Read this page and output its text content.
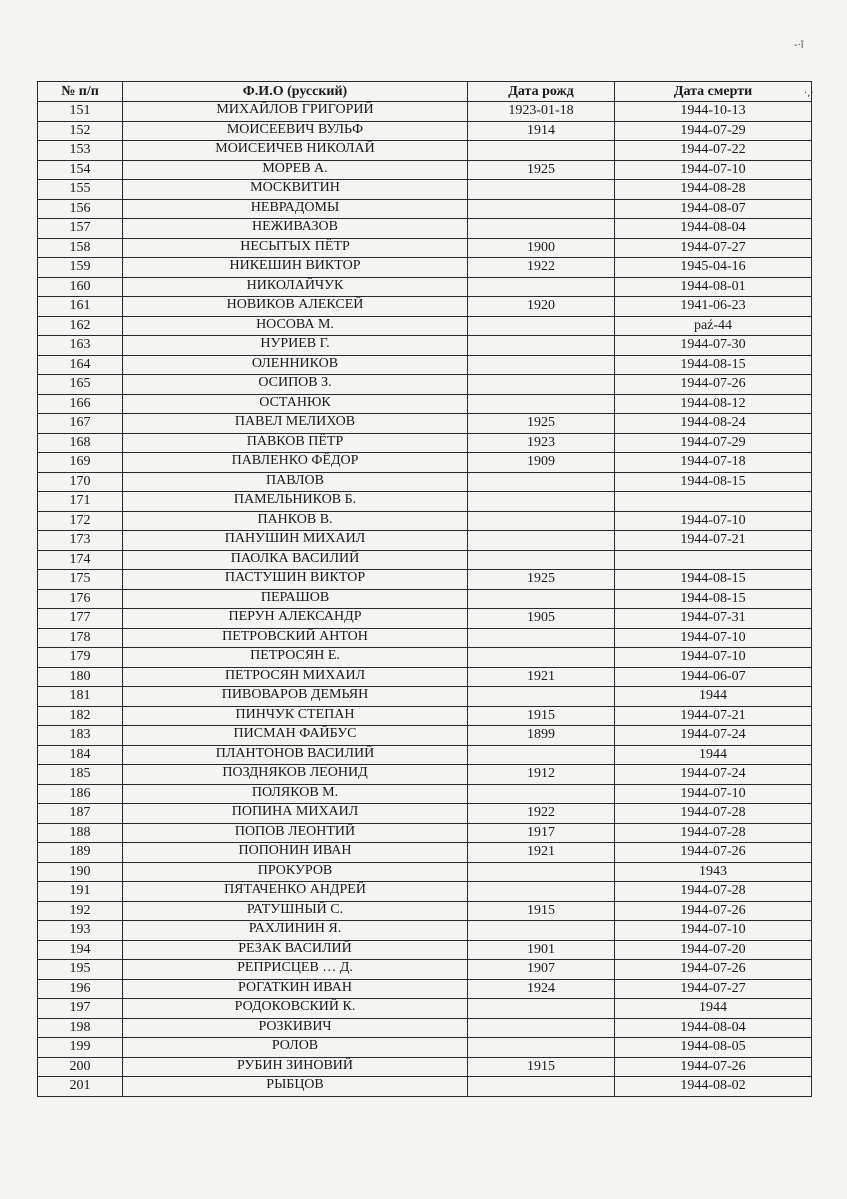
-·ǐ
·,·
№ п/п	Ф.И.О (русский)	Дата рожд	Дата смерти
151	МИХАЙЛОВ ГРИГОРИЙ	1923-01-18	1944-10-13
152	МОИСЕЕВИЧ ВУЛЬФ	1914	1944-07-29
153	МОИСЕИЧЕВ НИКОЛАЙ		1944-07-22
154	МОРЕВ А.	1925	1944-07-10
155	МОСКВИТИН		1944-08-28
156	НЕВРАДОМЫ		1944-08-07
157	НЕЖИВАЗОВ		1944-08-04
158	НЕСЫТЫХ ПЁТР	1900	1944-07-27
159	НИКЕШИН ВИКТОР	1922	1945-04-16
160	НИКОЛАЙЧУК		1944-08-01
161	НОВИКОВ АЛЕКСЕЙ	1920	1941-06-23
162	НОСОВА М.		paź-44
163	НУРИЕВ Г.		1944-07-30
164	ОЛЕННИКОВ		1944-08-15
165	ОСИПОВ З.		1944-07-26
166	ОСТАНЮК		1944-08-12
167	ПАВЕЛ МЕЛИХОВ	1925	1944-08-24
168	ПАВКОВ ПЁТР	1923	1944-07-29
169	ПАВЛЕНКО ФЁДОР	1909	1944-07-18
170	ПАВЛОВ		1944-08-15
171	ПАМЕЛЬНИКОВ Б.		
172	ПАНКОВ В.		1944-07-10
173	ПАНУШИН МИХАИЛ		1944-07-21
174	ПАОЛКА ВАСИЛИЙ		
175	ПАСТУШИН ВИКТОР	1925	1944-08-15
176	ПЕРАШОВ		1944-08-15
177	ПЕРУН АЛЕКСАНДР	1905	1944-07-31
178	ПЕТРОВСКИЙ АНТОН		1944-07-10
179	ПЕТРОСЯН Е.		1944-07-10
180	ПЕТРОСЯН МИХАИЛ	1921	1944-06-07
181	ПИВОВАРОВ ДЕМЬЯН		1944
182	ПИНЧУК СТЕПАН	1915	1944-07-21
183	ПИСМАН ФАЙБУС	1899	1944-07-24
184	ПЛАНТОНОВ ВАСИЛИЙ		1944
185	ПОЗДНЯКОВ ЛЕОНИД	1912	1944-07-24
186	ПОЛЯКОВ М.		1944-07-10
187	ПОПИНА МИХАИЛ	1922	1944-07-28
188	ПОПОВ ЛЕОНТИЙ	1917	1944-07-28
189	ПОПОНИН ИВАН	1921	1944-07-26
190	ПРОКУРОВ		1943
191	ПЯТАЧЕНКО АНДРЕЙ		1944-07-28
192	РАТУШНЫЙ С.	1915	1944-07-26
193	РАХЛИНИН Я.		1944-07-10
194	РЕЗАК ВАСИЛИЙ	1901	1944-07-20
195	РЕПРИСЦЕВ … Д.	1907	1944-07-26
196	РОГАТКИН ИВАН	1924	1944-07-27
197	РОДОКОВСКИЙ К.		1944
198	РОЗКИВИЧ		1944-08-04
199	РОЛОВ		1944-08-05
200	РУБИН ЗИНОВИЙ	1915	1944-07-26
201	РЫБЦОВ		1944-08-02
